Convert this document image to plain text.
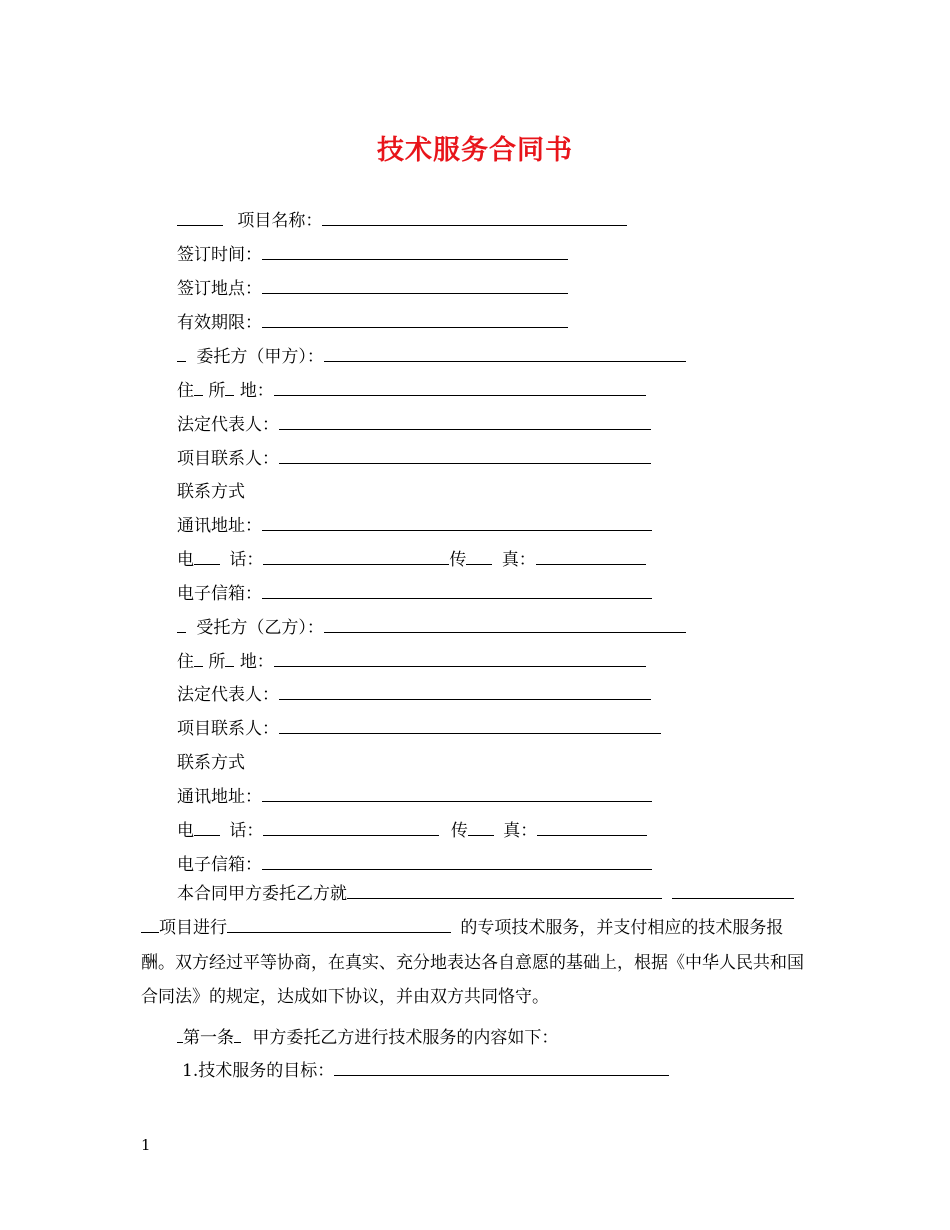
技术服务合同书
项目名称：
签订时间：
签订地点：
有效期限：
委托方（甲方）：
住 所 地：
法定代表人：
项目联系人：
联系方式
通讯地址：
电 话：	传 真：
电子信箱：
受托方（乙方）：
住 所 地：
法定代表人：
项目联系人：
联系方式
通讯地址：
电 话：	传 真：
电子信箱：
本合同甲方委托乙方就
项目进行	的专项技术服务，并支付相应的技术服务报酬。双方经过平等协商，在真实、充分地表达各自意愿的基础上，根据《中华人民共和国合同法》的规定，达成如下协议，并由双方共同恪守。
第一条 甲方委托乙方进行技术服务的内容如下：
1.技术服务的目标：
1
